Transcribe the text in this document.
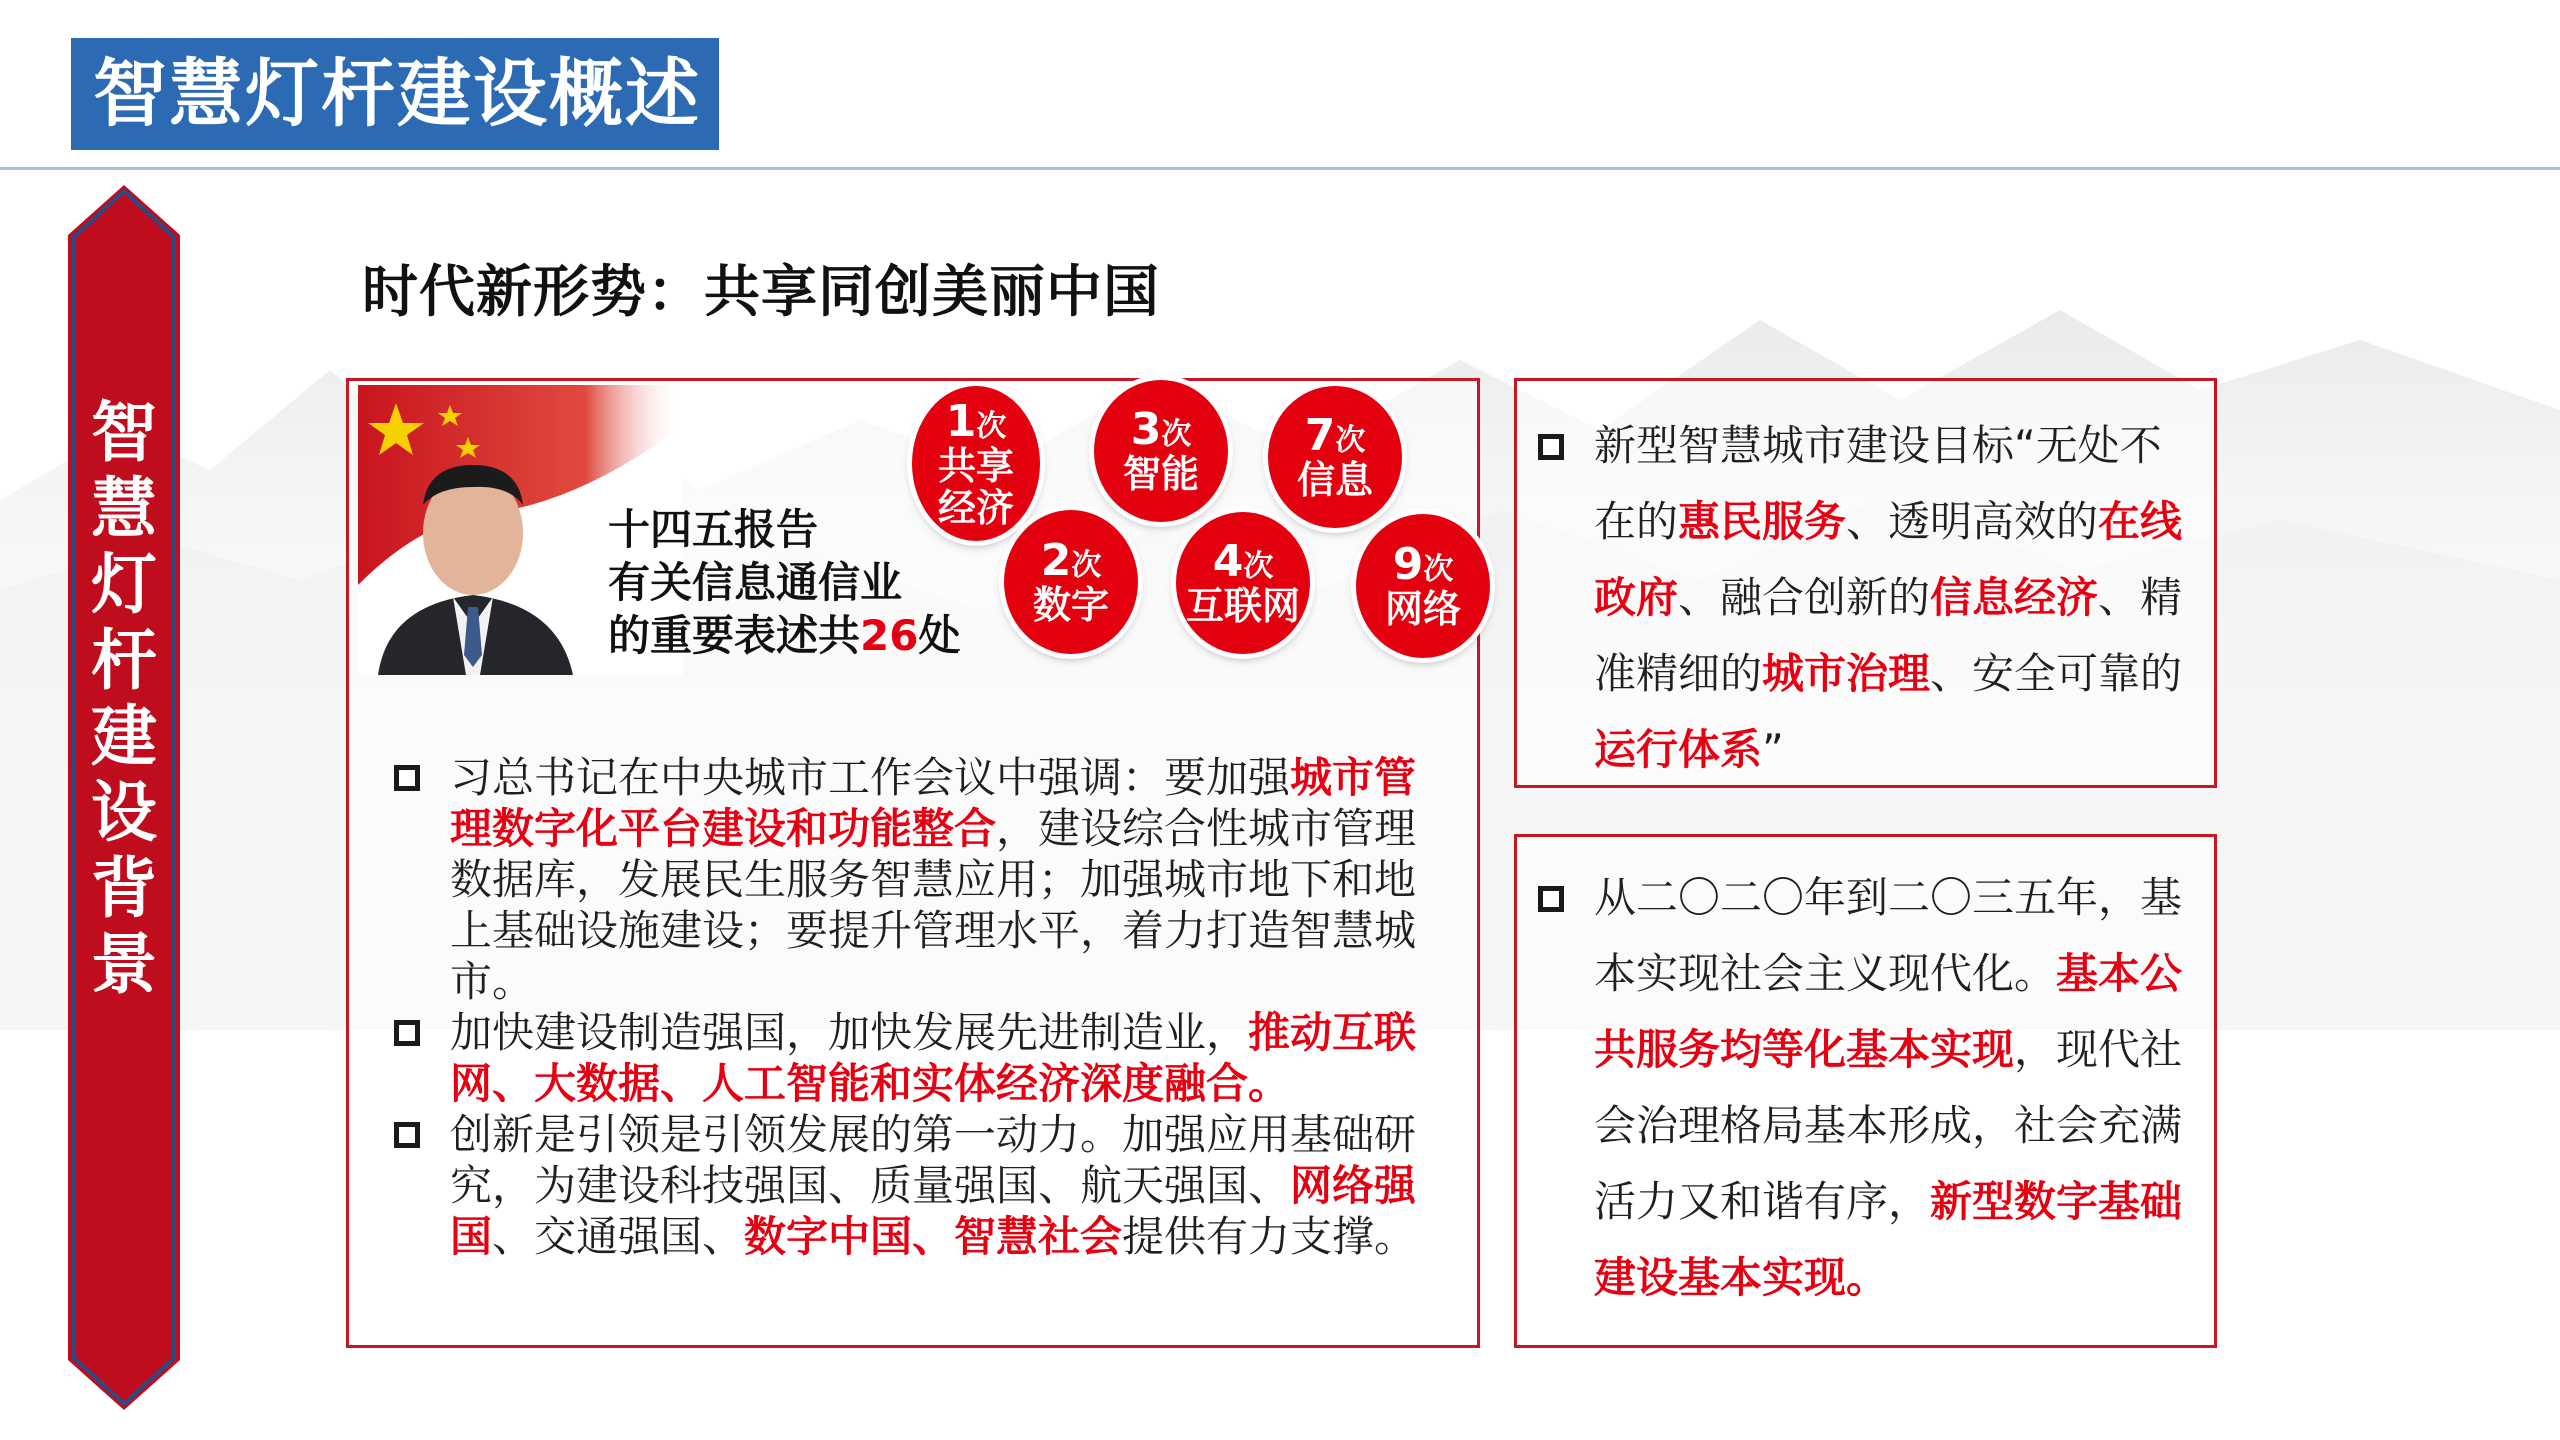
智慧灯杆建设概述
智慧灯杆建设背景
时代新形势：共享同创美丽中国
十四五报告
有关信息通信业
的重要表述共26处
1次
共享
经济
3次
智能
7次
信息
2次
数字
4次
互联网
9次
网络
习总书记在中央城市工作会议中强调：要加强城市管理数字化平台建设和功能整合，建设综合性城市管理数据库，发展民生服务智慧应用；加强城市地下和地上基础设施建设；要提升管理水平，着力打造智慧城市。
加快建设制造强国，加快发展先进制造业，推动互联网、大数据、人工智能和实体经济深度融合。
创新是引领是引领发展的第一动力。加强应用基础研究，为建设科技强国、质量强国、航天强国、网络强国、交通强国、数字中国、智慧社会提供有力支撑。
新型智慧城市建设目标“无处不在的惠民服务、透明高效的在线政府、融合创新的信息经济、精准精细的城市治理、安全可靠的运行体系”
从二〇二〇年到二〇三五年，基本实现社会主义现代化。基本公共服务均等化基本实现，现代社会治理格局基本形成，社会充满活力又和谐有序，新型数字基础建设基本实现。
